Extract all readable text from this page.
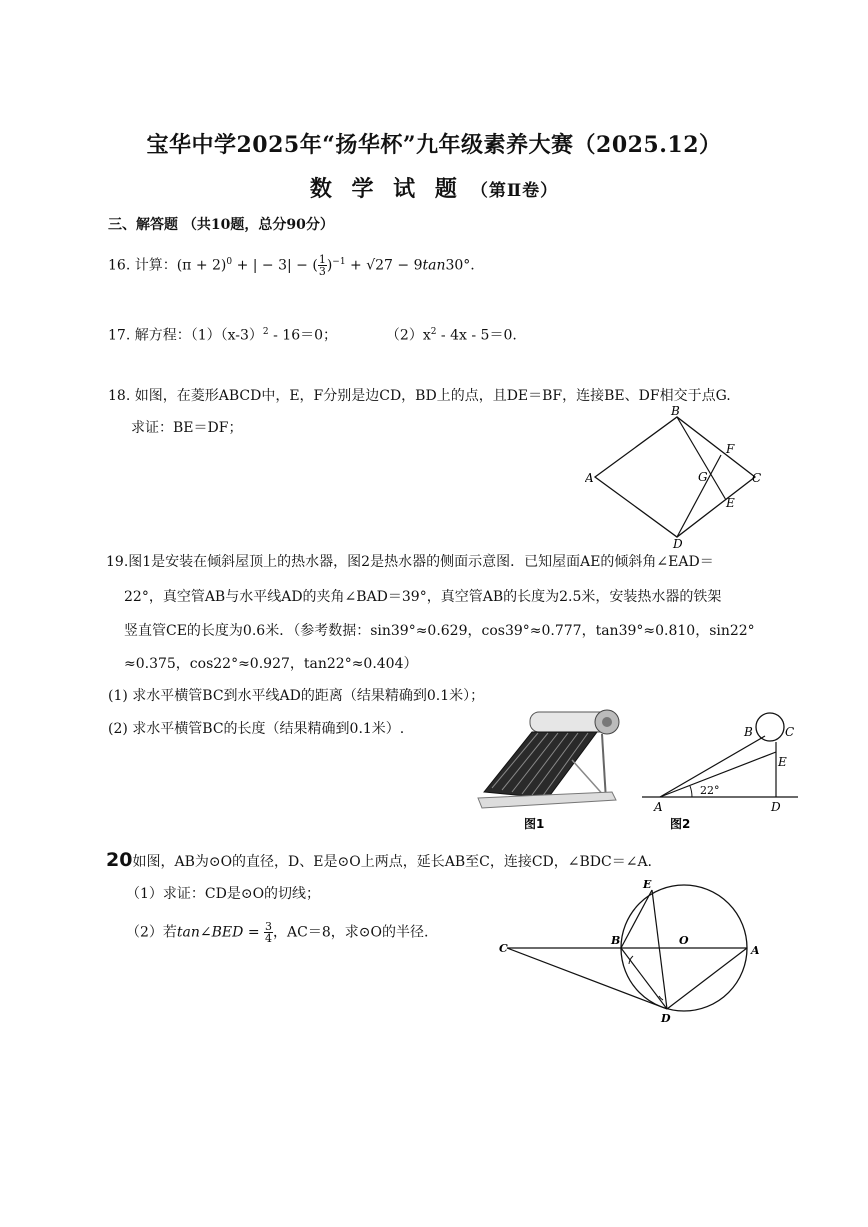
宝华中学2025年“扬华杯”九年级素养大赛（2025.12）
数 学 试 题 （第Ⅱ卷）
三、解答题 （共10题，总分90分）
16. 计算：$(\pi + 2)^0$ + | − 3| − ( $\frac{1}{3} )^{-1} + √27 - 9\tan 30^\circ$.
17. 解方程：$(1)(x-3)^2 - 16=0$；	$(2)x^2 - 4x - 5=0$.
18. 如图，在菱形ABCD中，E，F分别是边CD，BD上的点，且DE＝BF，连接BE、DF相交于点G.
求证：BE＝DF；
B
A	C
D
F
G
E
19.图1是安装在倾斜屋顶上的热水器，图2是热水器的侧面示意图．已知屋面AE的倾斜角∠EAD＝
22°，真空管AB与水平线AD的夹角∠BAD＝39°，真空管AB的长度为2.5米，安装热水器的铁架
竖直管CE的长度为0.6米．（参考数据：sin39°≈0.629，cos39°≈0.777，tan39°≈0.810，sin22°
≈0.375，cos22°≈0.927，tan22°≈0.404）
(1) 求水平横管BC到水平线AD的距离（结果精确到0.1米）；
(2) 求水平横管BC的长度（结果精确到0.1米）.
图1
B	C
E
A	D
22°
图2
20如图，AB为⊙O的直径，D、E是⊙O上两点，延长AB至C，连接CD，∠BDC＝∠A.
（1）求证：CD是⊙O的切线；
（2）若tan∠BED = $\frac{3}{4}$ ，AC＝8，求⊙O的半径.
C
B	O
A
E
D
